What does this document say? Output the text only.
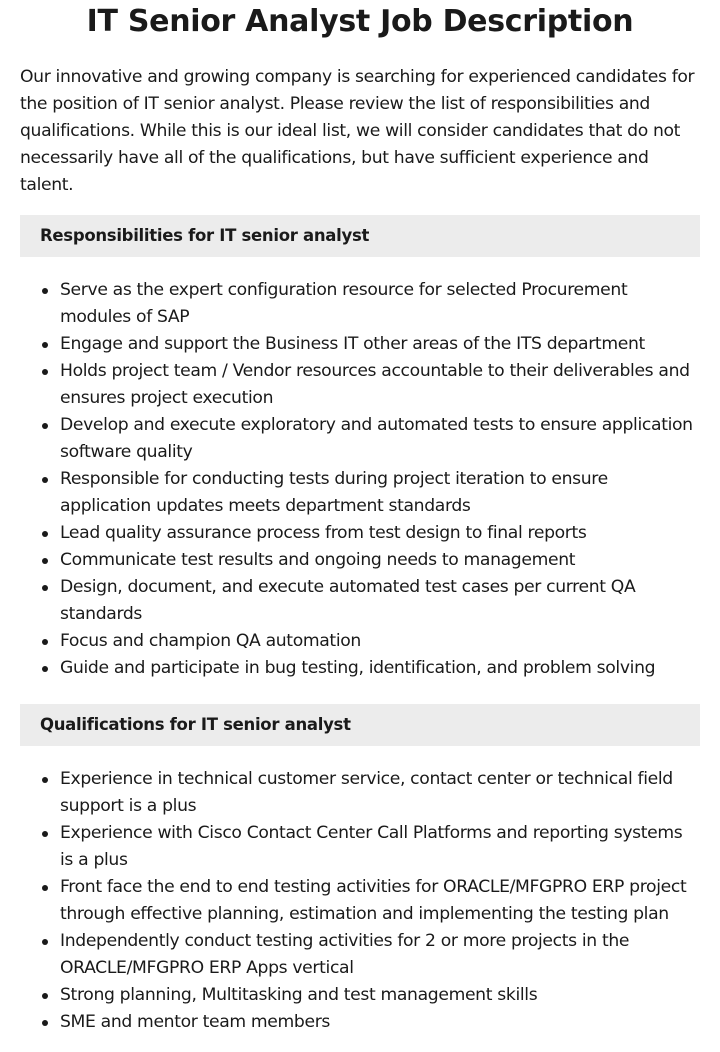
IT Senior Analyst Job Description

Our innovative and growing company is searching for experienced candidates for the position of IT senior analyst. Please review the list of responsibilities and qualifications. While this is our ideal list, we will consider candidates that do not necessarily have all of the qualifications, but have sufficient experience and talent.

Responsibilities for IT senior analyst
Serve as the expert configuration resource for selected Procurement modules of SAP
Engage and support the Business IT other areas of the ITS department
Holds project team / Vendor resources accountable to their deliverables and ensures project execution
Develop and execute exploratory and automated tests to ensure application software quality
Responsible for conducting tests during project iteration to ensure application updates meets department standards
Lead quality assurance process from test design to final reports
Communicate test results and ongoing needs to management
Design, document, and execute automated test cases per current QA standards
Focus and champion QA automation
Guide and participate in bug testing, identification, and problem solving
Qualifications for IT senior analyst
Experience in technical customer service, contact center or technical field support is a plus
Experience with Cisco Contact Center Call Platforms and reporting systems is a plus
Front face the end to end testing activities for ORACLE/MFGPRO ERP project through effective planning, estimation and implementing the testing plan
Independently conduct testing activities for 2 or more projects in the ORACLE/MFGPRO ERP Apps vertical
Strong planning, Multitasking and test management skills
SME and mentor team members
